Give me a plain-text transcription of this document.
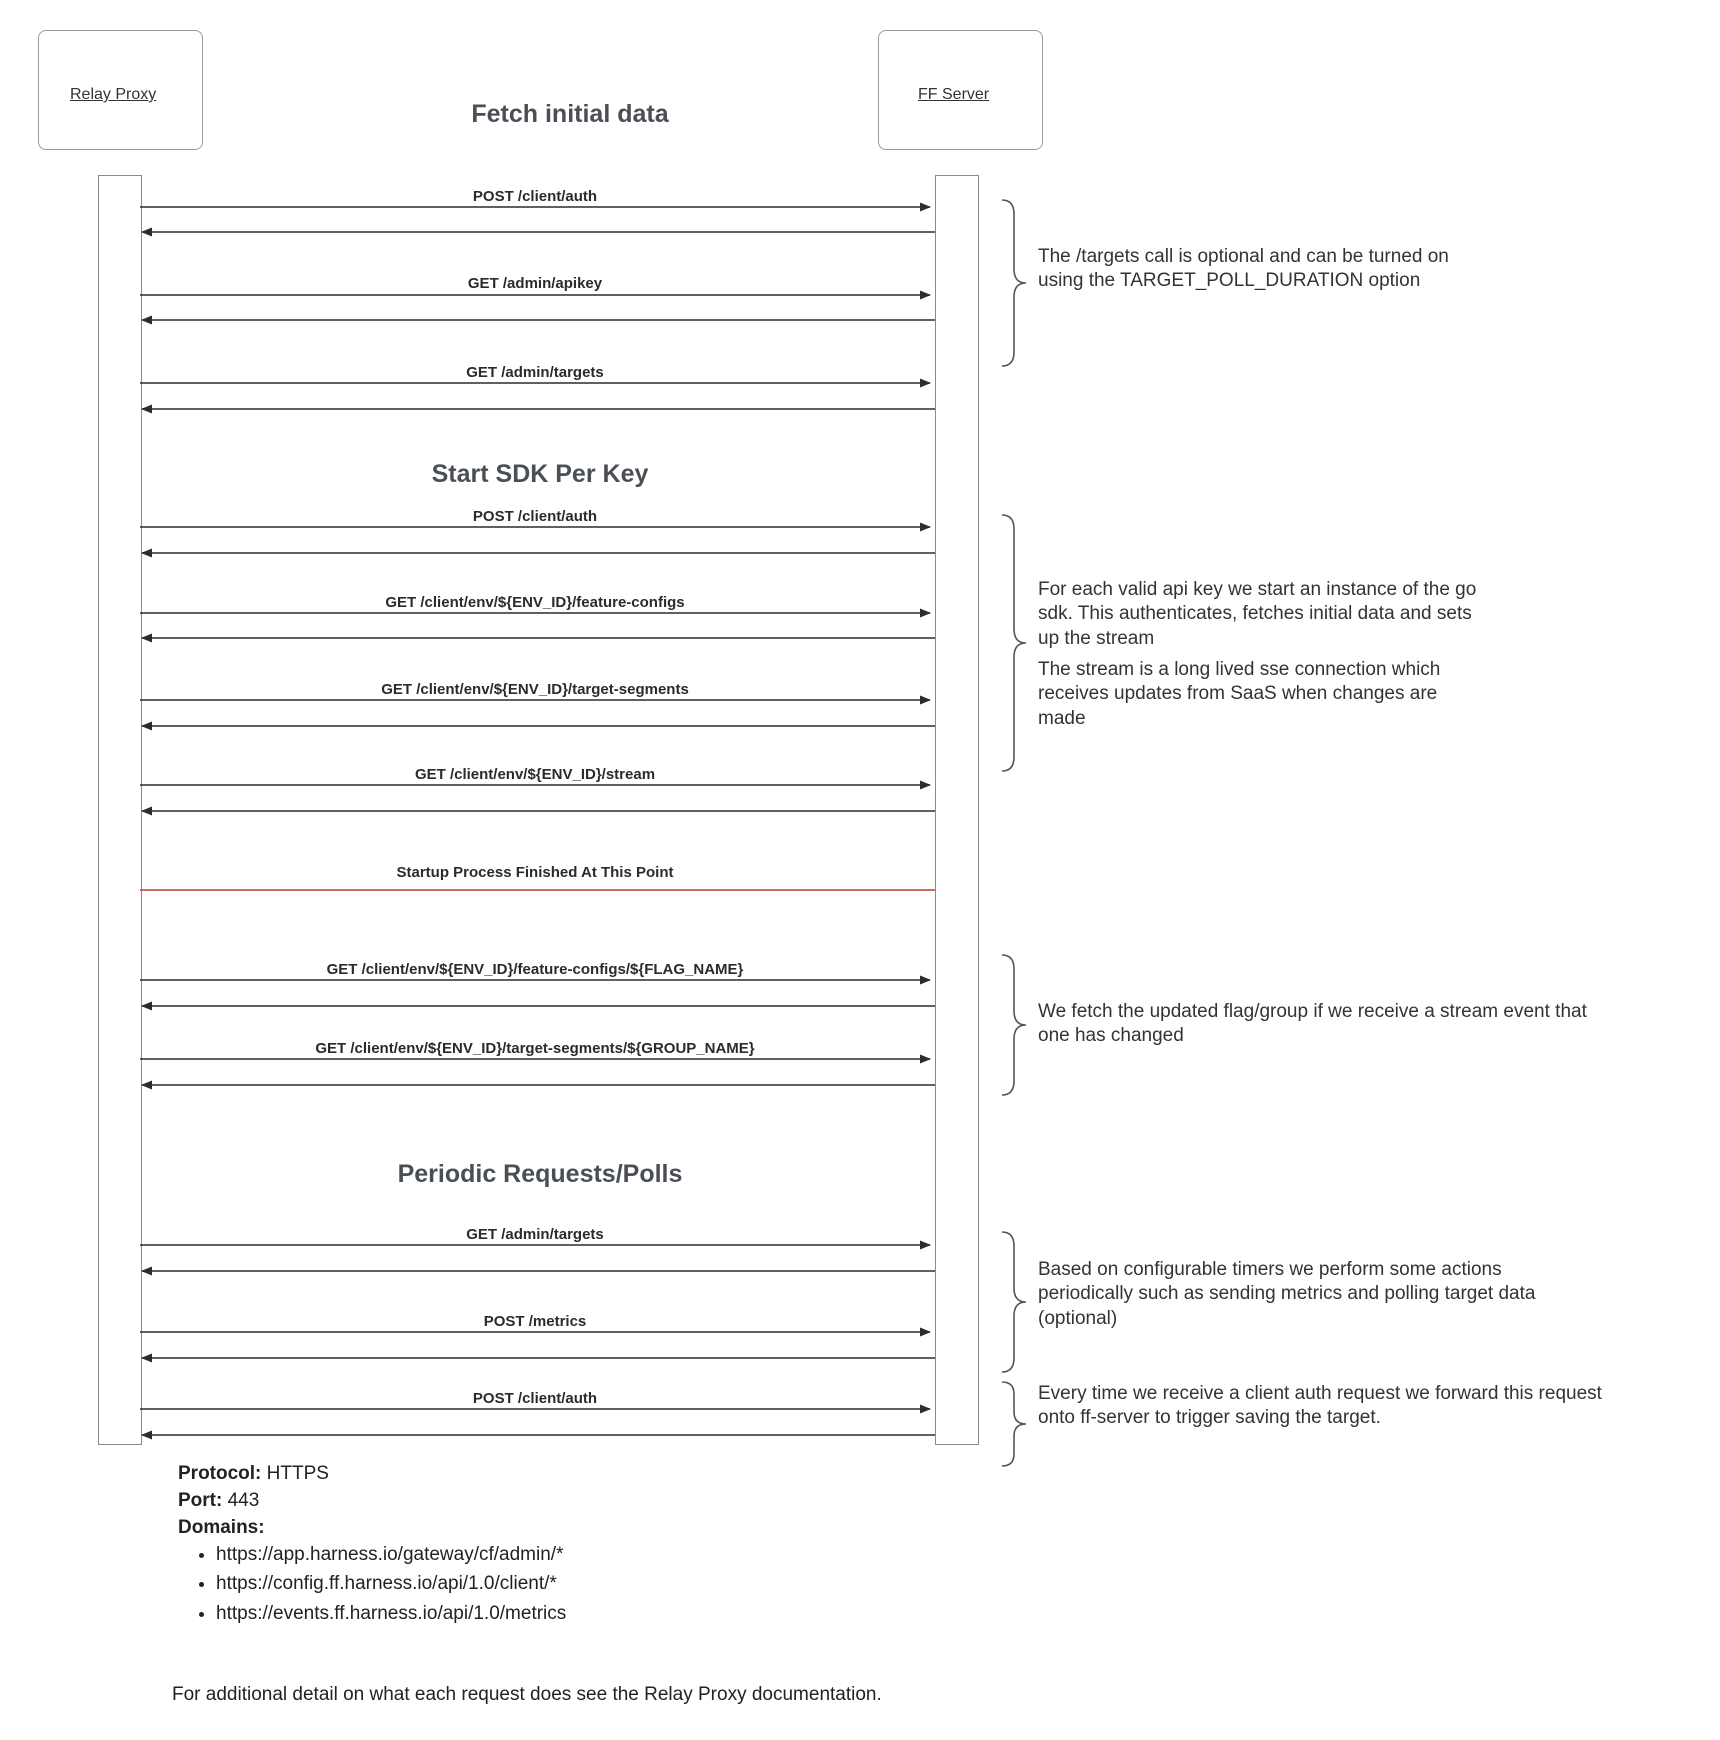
Relay Proxy	FF Server
Fetch initial data
Start SDK Per Key
Periodic Requests/Polls
POST /client/auth
GET /admin/apikey
GET /admin/targets
POST /client/auth
GET /client/env/${ENV_ID}/feature-configs
GET /client/env/${ENV_ID}/target-segments
GET /client/env/${ENV_ID}/stream
Startup Process Finished At This Point
GET /client/env/${ENV_ID}/feature-configs/${FLAG_NAME}
GET /client/env/${ENV_ID}/target-segments/${GROUP_NAME}
GET /admin/targets
POST /metrics
POST /client/auth
The /targets call is optional and can be turned on using the TARGET_POLL_DURATION option
For each valid api key we start an instance of the go sdk. This authenticates, fetches initial data and sets up the stream
The stream is a long lived sse connection which receives updates from SaaS when changes are made
We fetch the updated flag/group if we receive a stream event that one has changed
Based on configurable timers we perform some actions periodically such as sending metrics and polling target data (optional)
Every time we receive a client auth request we forward this request onto ff-server to trigger saving the target.
Protocol: HTTPS
Port: 443
Domains:
• https://app.harness.io/gateway/cf/admin/*
• https://config.ff.harness.io/api/1.0/client/*
• https://events.ff.harness.io/api/1.0/metrics
For additional detail on what each request does see the Relay Proxy documentation.
